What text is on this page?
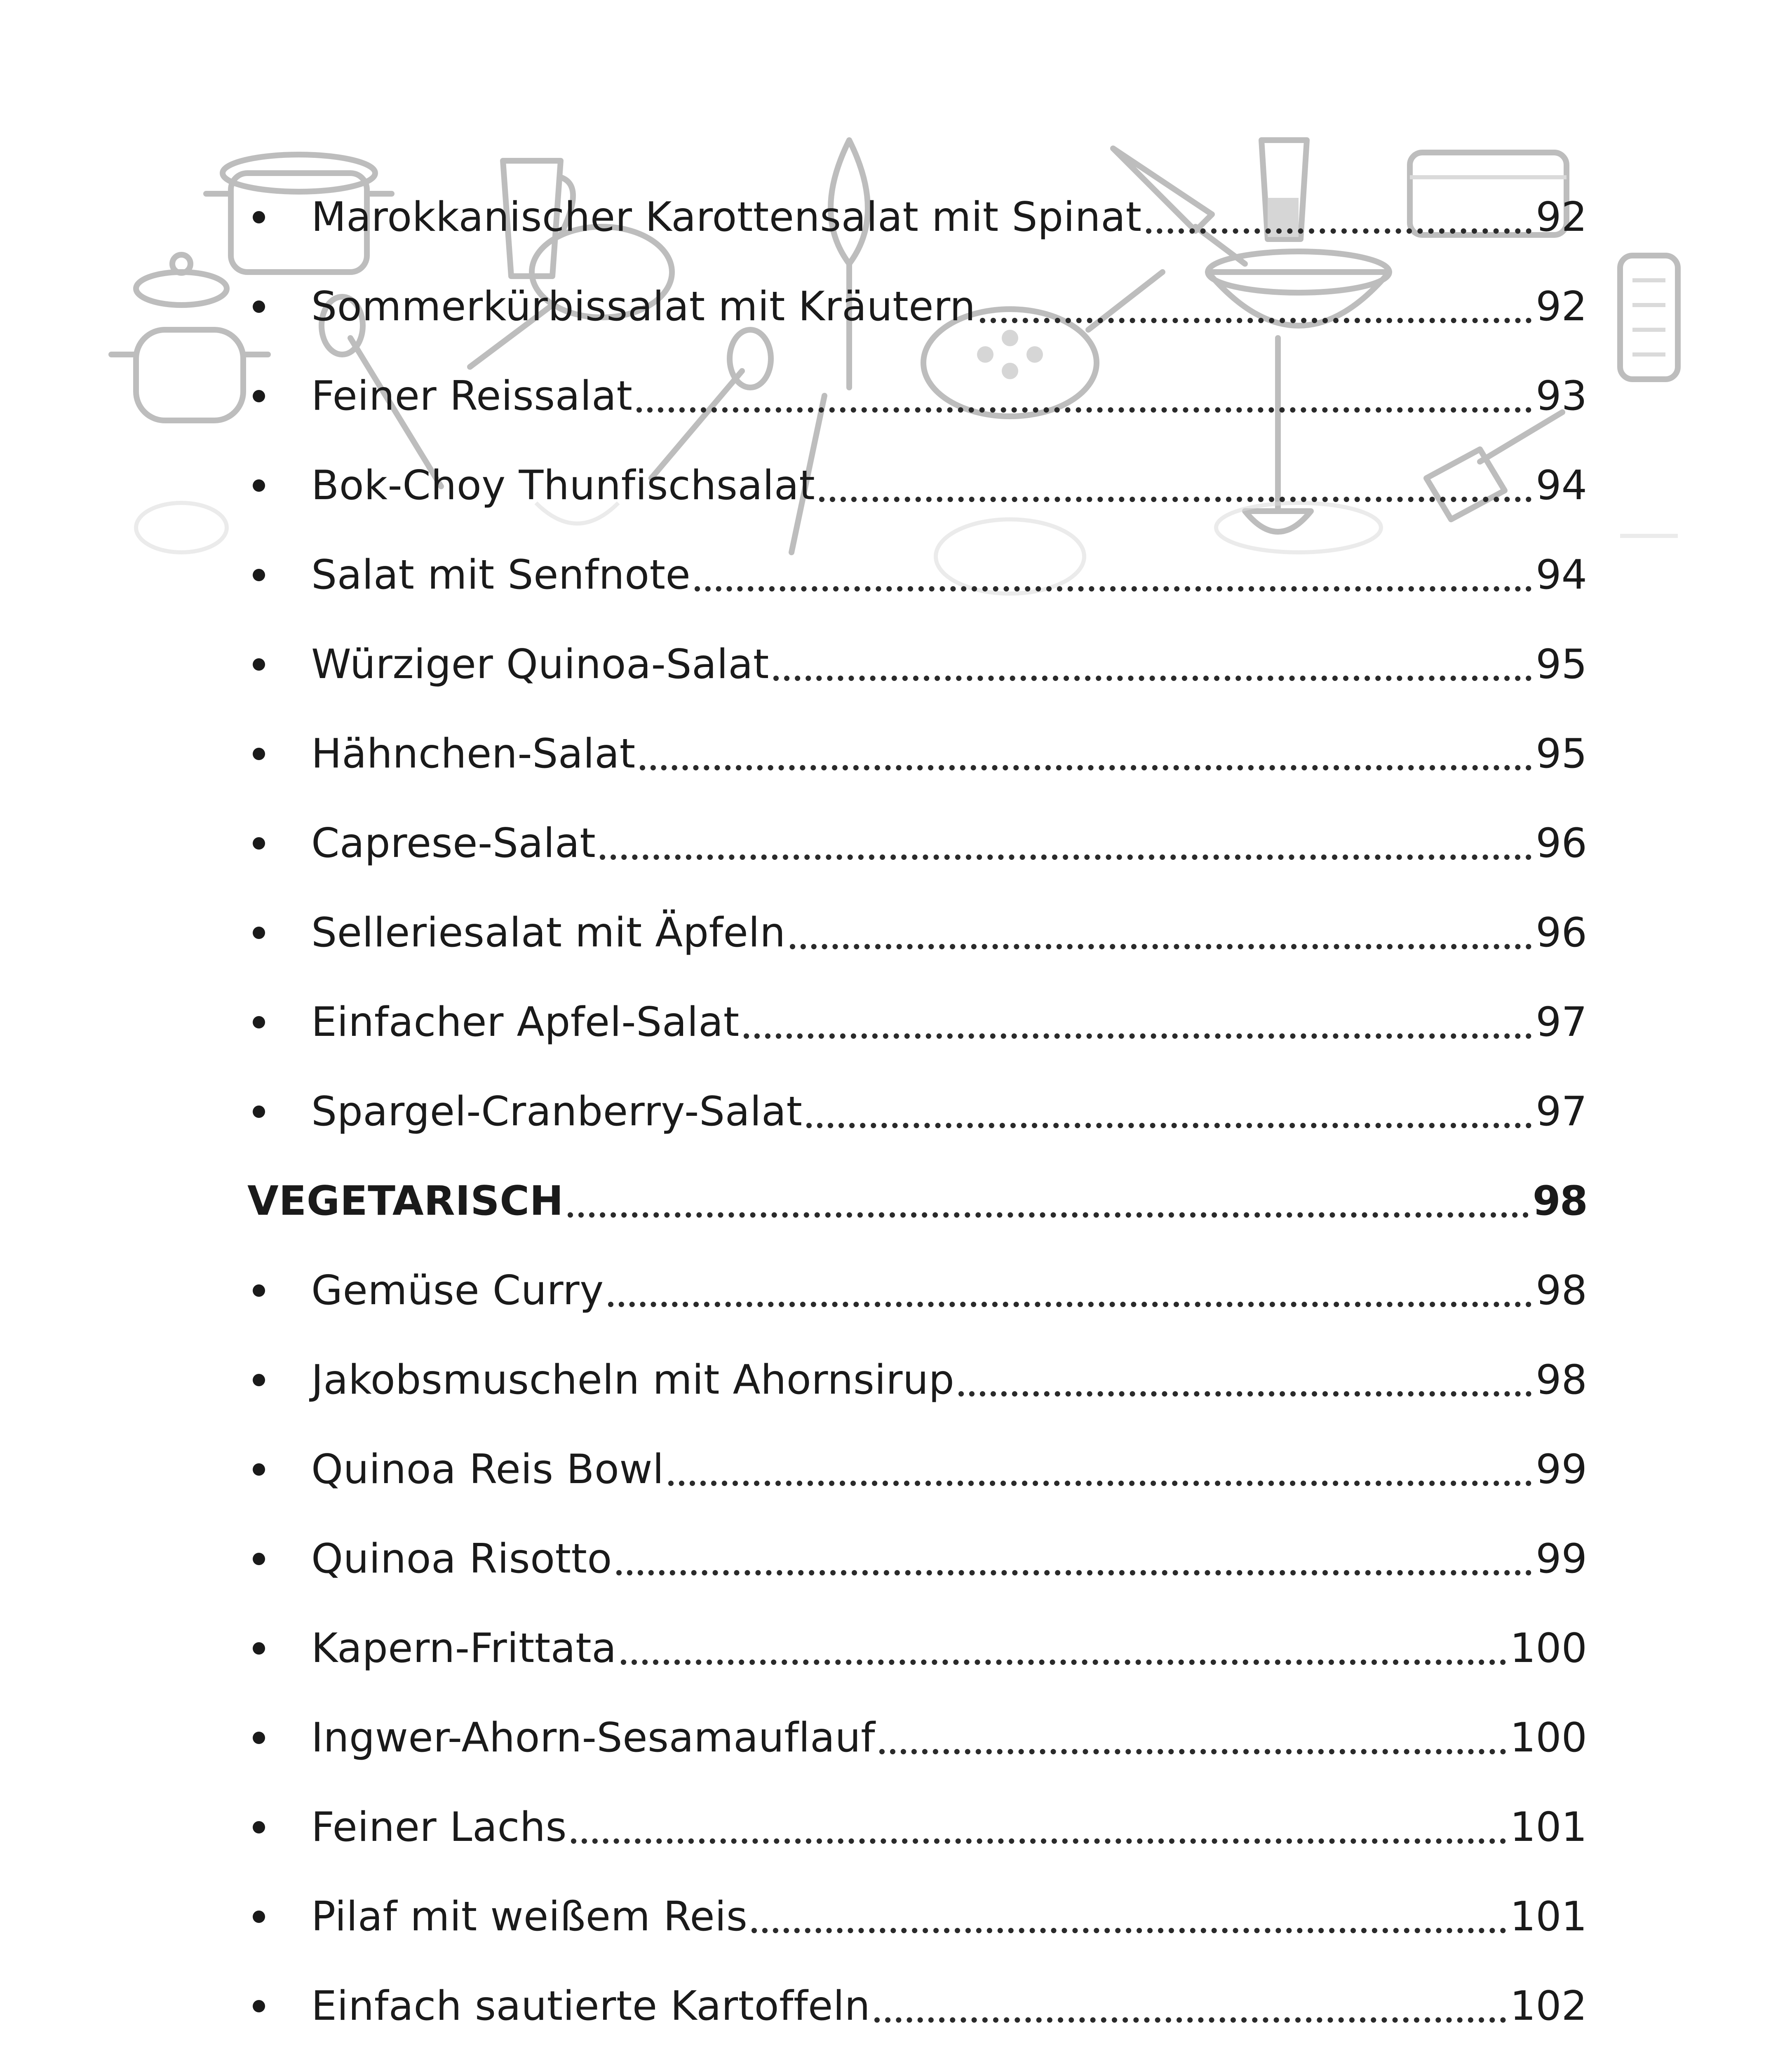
Marokkanischer Karottensalat mit Spinat	92
Sommerkürbissalat mit Kräutern	92
Feiner Reissalat	93
Bok-Choy Thunfischsalat	94
Salat mit Senfnote	94
Würziger Quinoa-Salat	95
Hähnchen-Salat	95
Caprese-Salat	96
Selleriesalat mit Äpfeln	96
Einfacher Apfel-Salat	97
Spargel-Cranberry-Salat	97
VEGETARISCH	98
Gemüse Curry	98
Jakobsmuscheln mit Ahornsirup	98
Quinoa Reis Bowl	99
Quinoa Risotto	99
Kapern-Frittata	100
Ingwer-Ahorn-Sesamauflauf	100
Feiner Lachs	101
Pilaf mit weißem Reis	101
Einfach sautierte Kartoffeln	102
